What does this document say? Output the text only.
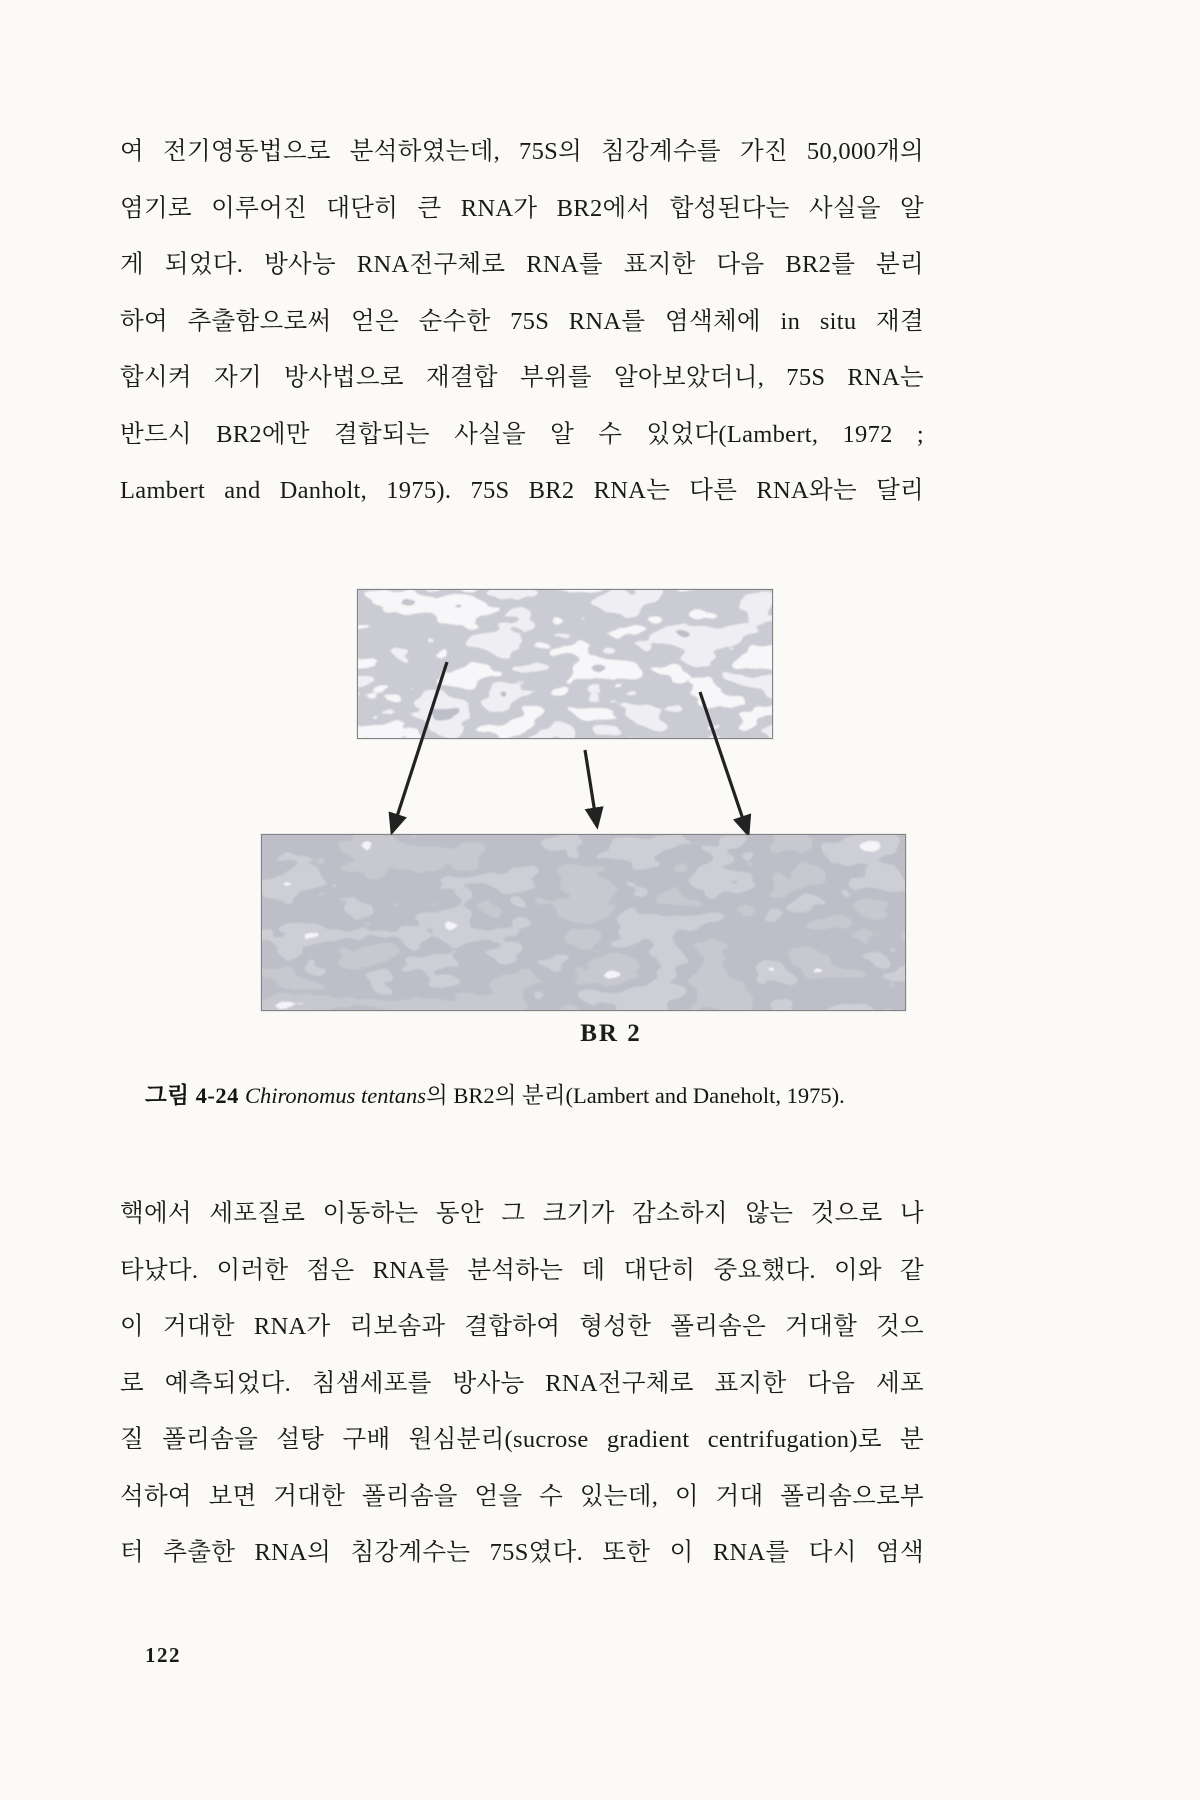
여 전기영동법으로 분석하였는데, 75S의 침강계수를 가진 50,000개의

염기로 이루어진 대단히 큰 RNA가 BR2에서 합성된다는 사실을 알

게 되었다. 방사능 RNA전구체로 RNA를 표지한 다음 BR2를 분리

하여 추출함으로써 얻은 순수한 75S RNA를 염색체에 in situ 재결

합시켜 자기 방사법으로 재결합 부위를 알아보았더니, 75S RNA는

반드시 BR2에만 결합되는 사실을 알 수 있었다(Lambert, 1972 ;

Lambert and Danholt, 1975). 75S BR2 RNA는 다른 RNA와는 달리

BR 2
그림 4-24 Chironomus tentans의 BR2의 분리(Lambert and Daneholt, 1975).

핵에서 세포질로 이동하는 동안 그 크기가 감소하지 않는 것으로 나

타났다. 이러한 점은 RNA를 분석하는 데 대단히 중요했다. 이와 같

이 거대한 RNA가 리보솜과 결합하여 형성한 폴리솜은 거대할 것으

로 예측되었다. 침샘세포를 방사능 RNA전구체로 표지한 다음 세포

질 폴리솜을 설탕 구배 원심분리(sucrose gradient centrifugation)로 분

석하여 보면 거대한 폴리솜을 얻을 수 있는데, 이 거대 폴리솜으로부

터 추출한 RNA의 침강계수는 75S였다. 또한 이 RNA를 다시 염색

122
